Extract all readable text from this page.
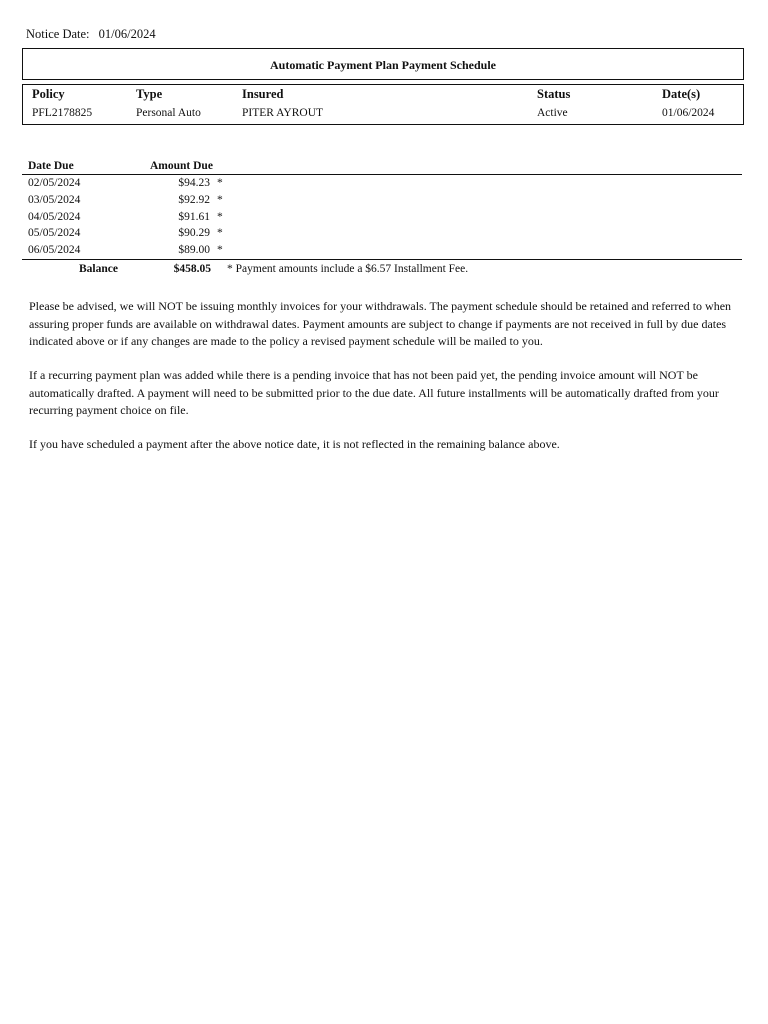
Notice Date: 01/06/2024
Automatic Payment Plan Payment Schedule
Policy	Type	Insured	Status	Date(s)
PFL2178825	Personal Auto	PITER AYROUT	Active	01/06/2024
Date Due	Amount Due
02/05/2024	$94.23 *
03/05/2024	$92.92 *
04/05/2024	$91.61 *
05/05/2024	$90.29 *
06/05/2024	$89.00 *
Balance	$458.05 * Payment amounts include a $6.57 Installment Fee.

Please be advised, we will NOT be issuing monthly invoices for your withdrawals. The payment schedule should be retained and referred to when assuring proper funds are available on withdrawal dates. Payment amounts are subject to change if payments are not received in full by due dates indicated above or if any changes are made to the policy a revised payment schedule will be mailed to you.

If a recurring payment plan was added while there is a pending invoice that has not been paid yet, the pending invoice amount will NOT be automatically drafted. A payment will need to be submitted prior to the due date. All future installments will be automatically drafted from your recurring payment choice on file.

If you have scheduled a payment after the above notice date, it is not reflected in the remaining balance above.
